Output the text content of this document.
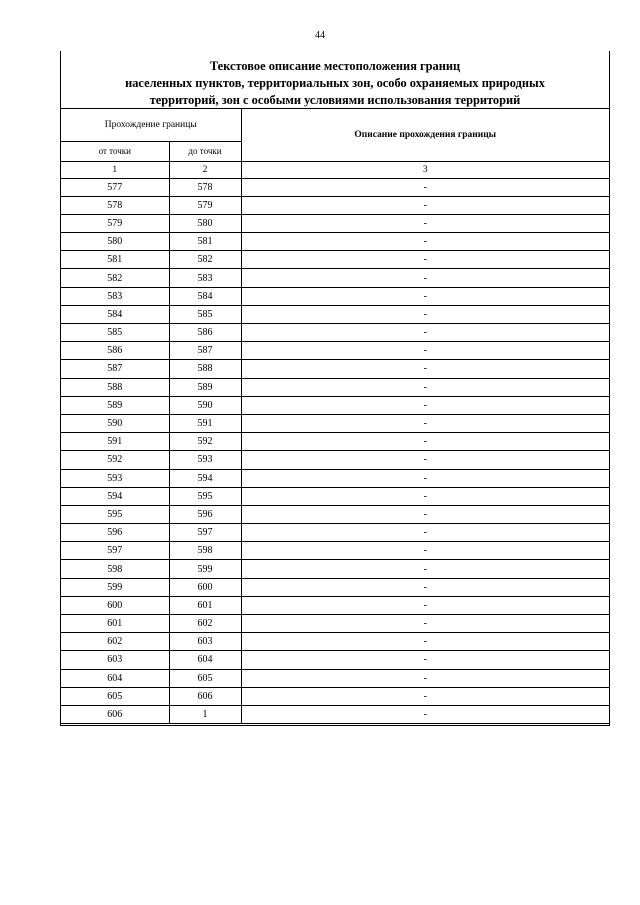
44
Текстовое описание местоположения границ
населенных пунктов, территориальных зон, особо охраняемых природных
территорий, зон с особыми условиями использования территорий
Прохождение границы		Описание прохождения границы
от точки	до точки	
1	2	3
577	578	-
578	579	-
579	580	-
580	581	-
581	582	-
582	583	-
583	584	-
584	585	-
585	586	-
586	587	-
587	588	-
588	589	-
589	590	-
590	591	-
591	592	-
592	593	-
593	594	-
594	595	-
595	596	-
596	597	-
597	598	-
598	599	-
599	600	-
600	601	-
601	602	-
602	603	-
603	604	-
604	605	-
605	606	-
606	1	-
